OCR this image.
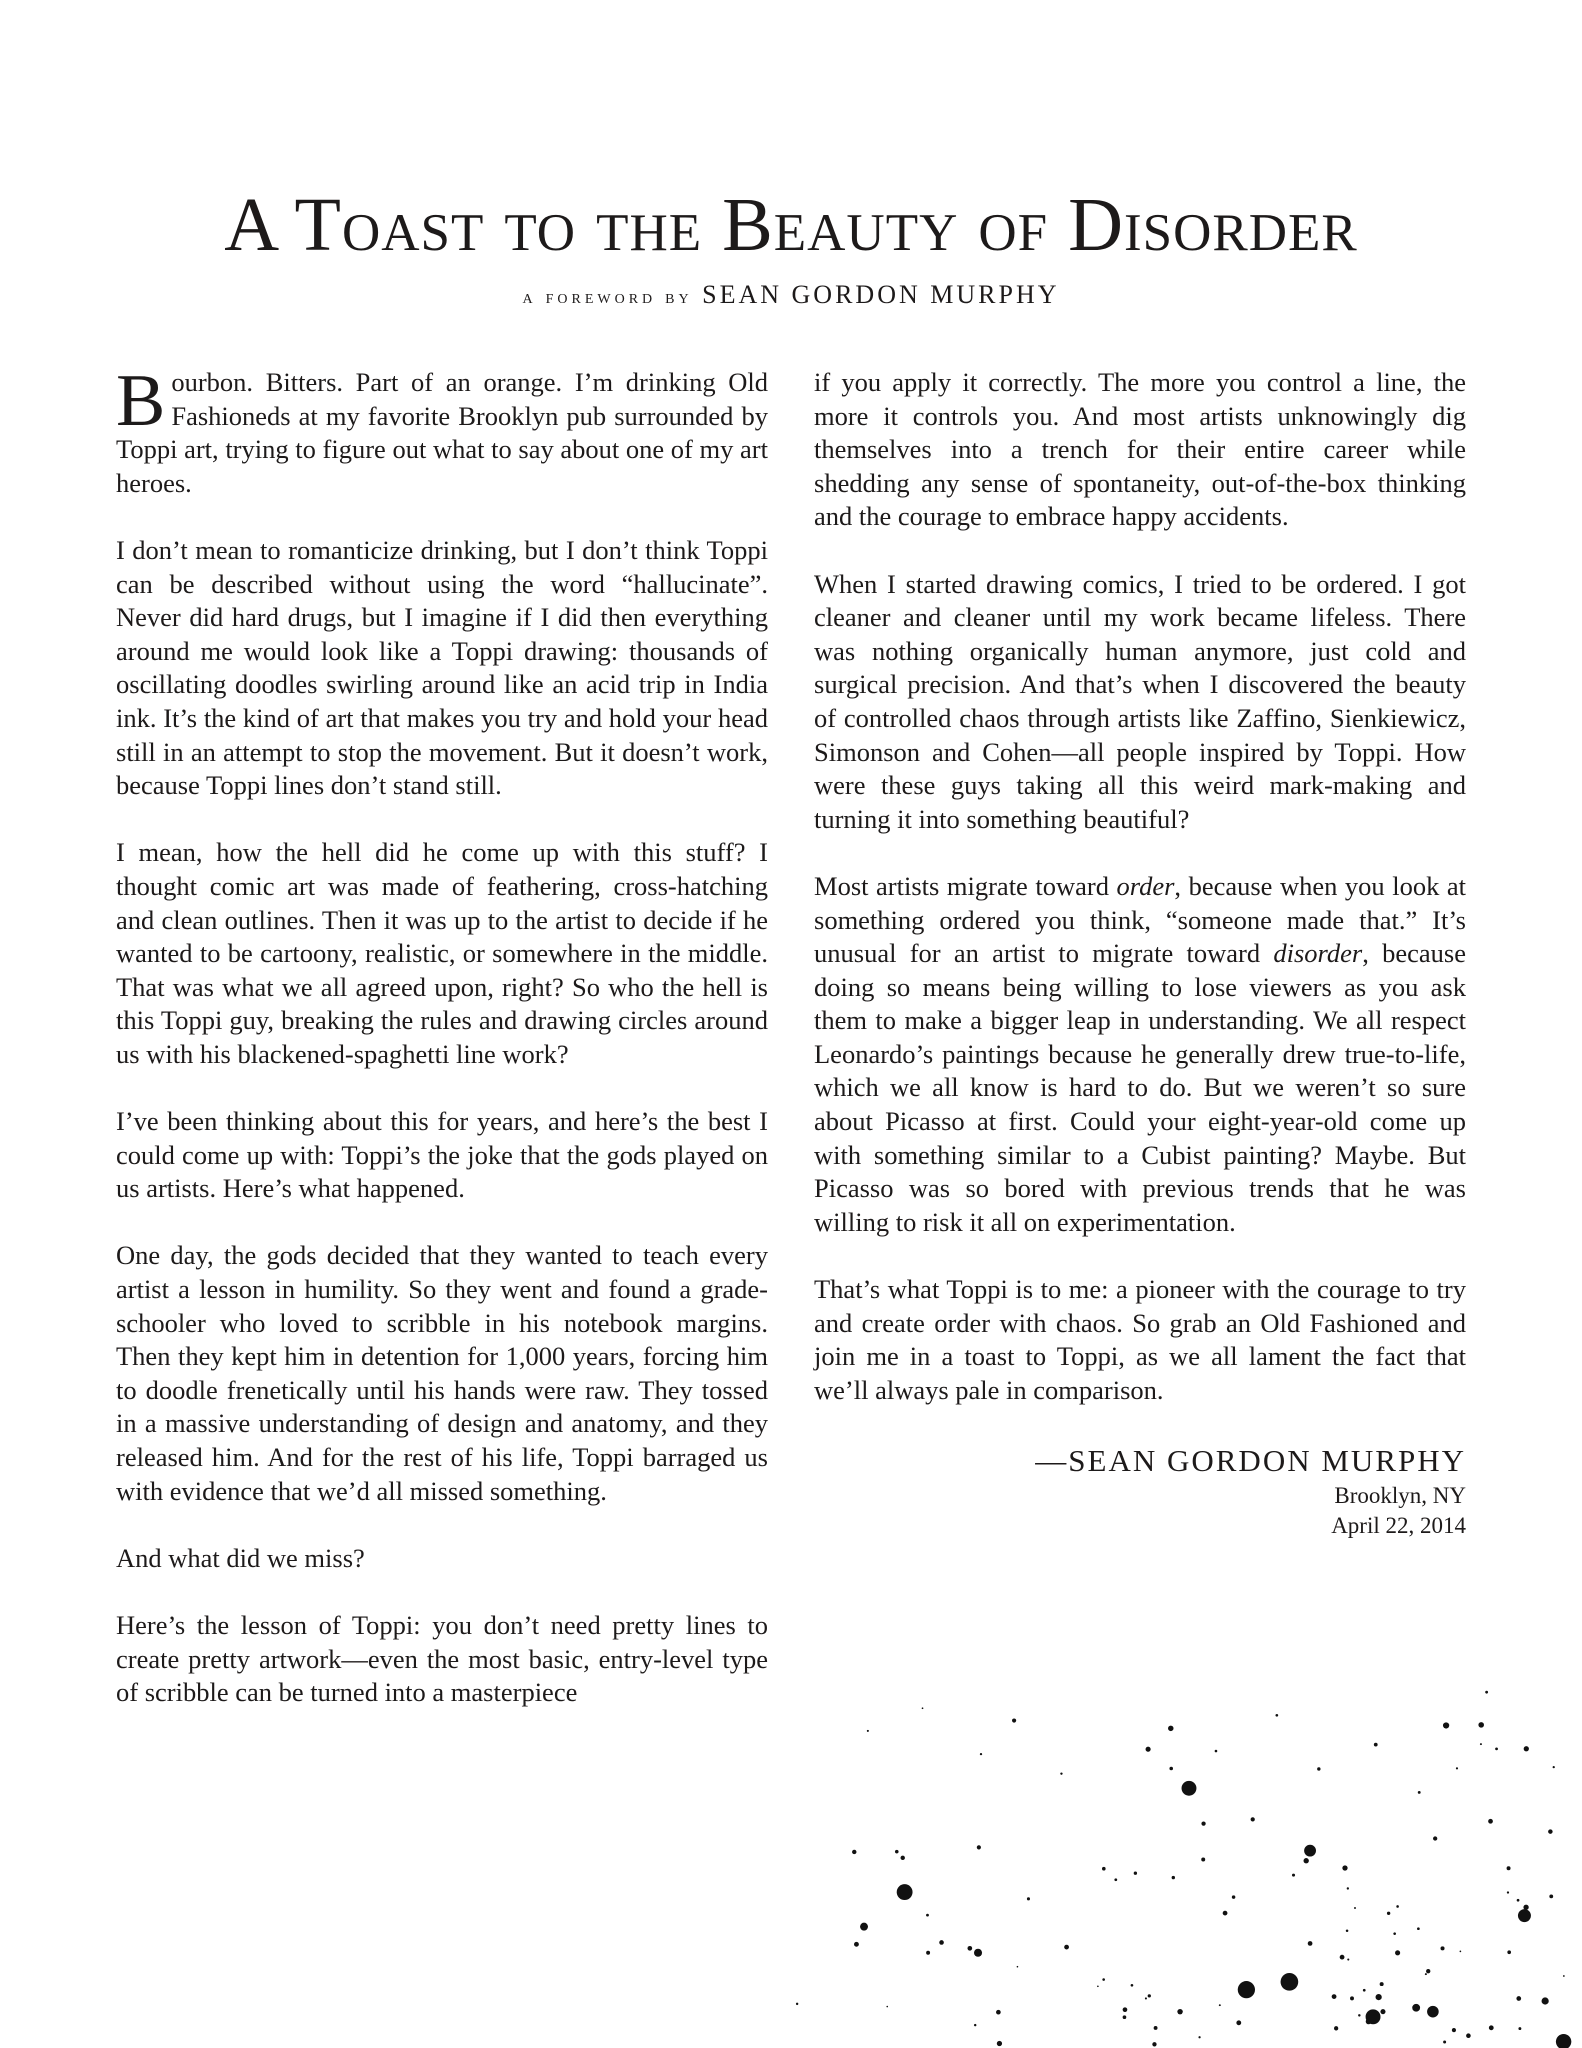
A Toast to the Beauty of Disorder
a foreword by SEAN GORDON MURPHY

Bourbon. Bitters. Part of an orange. I’m drinking Old Fashioneds at my favorite Brooklyn pub surrounded by Toppi art, trying to figure out what to say about one of my art heroes.

I don’t mean to romanticize drinking, but I don’t think Toppi can be described without using the word “hallucinate”. Never did hard drugs, but I imagine if I did then everything around me would look like a Toppi drawing: thousands of oscillating doodles swirling around like an acid trip in India ink. It’s the kind of art that makes you try and hold your head still in an attempt to stop the movement. But it doesn’t work, because Toppi lines don’t stand still.

I mean, how the hell did he come up with this stuff? I thought comic art was made of feathering, cross-hatching and clean outlines. Then it was up to the artist to decide if he wanted to be cartoony, realistic, or somewhere in the middle. That was what we all agreed upon, right? So who the hell is this Toppi guy, breaking the rules and drawing circles around us with his blackened-spaghetti line work?

I’ve been thinking about this for years, and here’s the best I could come up with: Toppi’s the joke that the gods played on us artists. Here’s what happened.

One day, the gods decided that they wanted to teach every artist a lesson in humility. So they went and found a grade-schooler who loved to scribble in his notebook margins. Then they kept him in detention for 1,000 years, forcing him to doodle frenetically until his hands were raw. They tossed in a massive understanding of design and anatomy, and they released him. And for the rest of his life, Toppi barraged us with evidence that we’d all missed something.

And what did we miss?

Here’s the lesson of Toppi: you don’t need pretty lines to create pretty artwork—even the most basic, entry-level type of scribble can be turned into a masterpiece

if you apply it correctly. The more you control a line, the more it controls you. And most artists unknowingly dig themselves into a trench for their entire career while shedding any sense of spontaneity, out-of-the-box thinking and the courage to embrace happy accidents.

When I started drawing comics, I tried to be ordered. I got cleaner and cleaner until my work became lifeless. There was nothing organically human anymore, just cold and surgical precision. And that’s when I discovered the beauty of controlled chaos through artists like Zaffino, Sienkiewicz, Simonson and Cohen—all people inspired by Toppi. How were these guys taking all this weird mark-making and turning it into something beautiful?

Most artists migrate toward order, because when you look at something ordered you think, “someone made that.” It’s unusual for an artist to migrate toward disorder, because doing so means being willing to lose viewers as you ask them to make a bigger leap in understanding. We all respect Leonardo’s paintings because he generally drew true-to-life, which we all know is hard to do. But we weren’t so sure about Picasso at first. Could your eight-year-old come up with something similar to a Cubist painting? Maybe. But Picasso was so bored with previous trends that he was willing to risk it all on experimentation.

That’s what Toppi is to me: a pioneer with the courage to try and create order with chaos. So grab an Old Fashioned and join me in a toast to Toppi, as we all lament the fact that we’ll always pale in comparison.

—SEAN GORDON MURPHY
Brooklyn, NY
April 22, 2014
